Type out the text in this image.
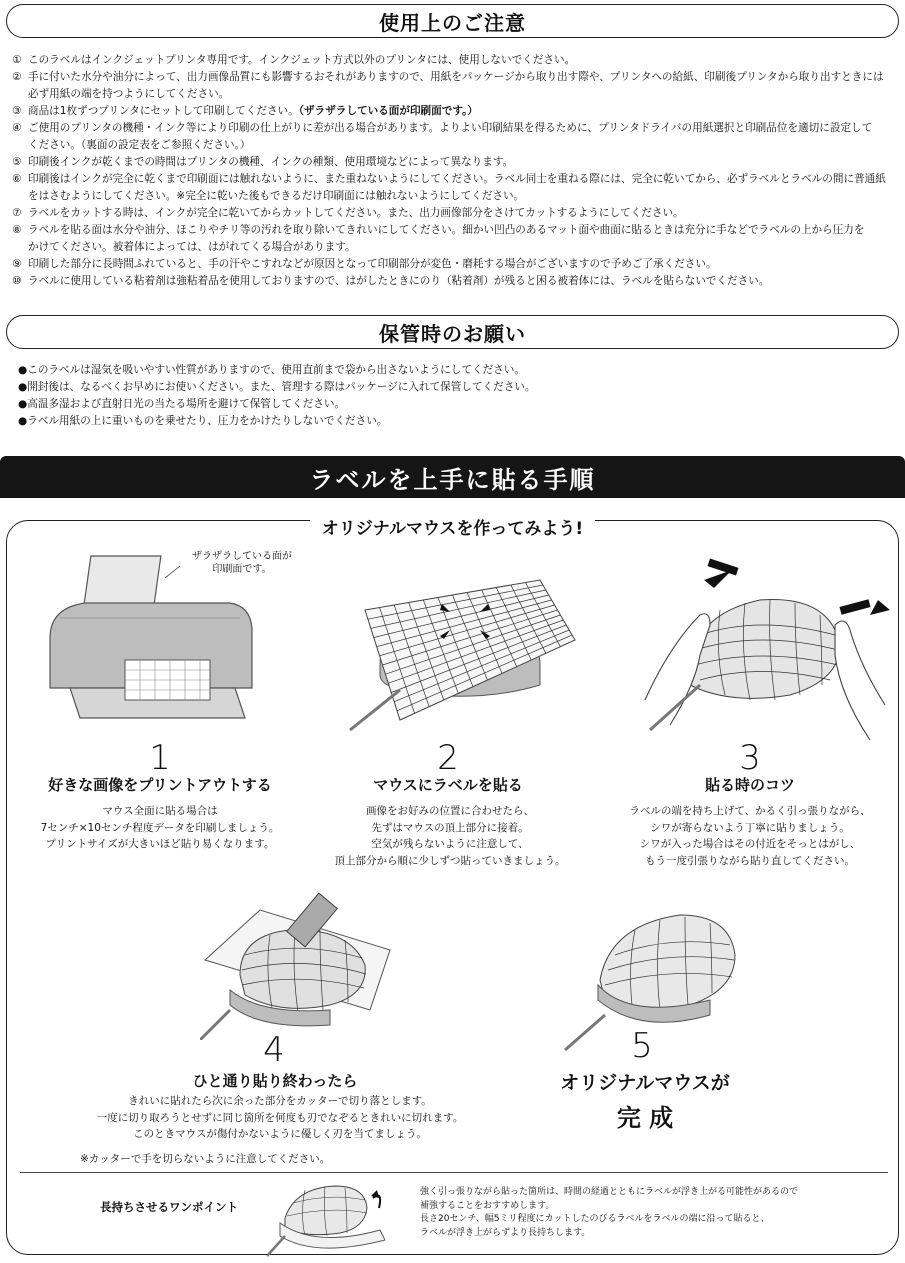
使用上のご注意
① このラベルはインクジェットプリンタ専用です。インクジェット方式以外のプリンタには、使用しないでください。
② 手に付いた水分や油分によって、出力画像品質にも影響するおそれがありますので、用紙をパッケージから取り出す際や、プリンタへの給紙、印刷後プリンタから取り出すときには
必ず用紙の端を持つようにしてください。
③ 商品は1枚ずつプリンタにセットして印刷してください。（ザラザラしている面が印刷面です。）
④ ご使用のプリンタの機種・インク等により印刷の仕上がりに差が出る場合があります。よりよい印刷結果を得るために、プリンタドライバの用紙選択と印刷品位を適切に設定して
ください。（裏面の設定表をご参照ください。）
⑤ 印刷後インクが乾くまでの時間はプリンタの機種、インクの種類、使用環境などによって異なります。
⑥ 印刷後はインクが完全に乾くまで印刷面には触れないように、また重ねないようにしてください。ラベル同士を重ねる際には、完全に乾いてから、必ずラベルとラベルの間に普通紙
をはさむようにしてください。※完全に乾いた後もできるだけ印刷面には触れないようにしてください。
⑦ ラベルをカットする時は、インクが完全に乾いてからカットしてください。また、出力画像部分をさけてカットするようにしてください。
⑧ ラベルを貼る面は水分や油分、ほこりやチリ等の汚れを取り除いてきれいにしてください。細かい凹凸のあるマット面や曲面に貼るときは充分に手などでラベルの上から圧力を
かけてください。被着体によっては、はがれてくる場合があります。
⑨ 印刷した部分に長時間ふれていると、手の汗やこすれなどが原因となって印刷部分が変色・磨耗する場合がございますので予めご了承ください。
⑩ ラベルに使用している粘着剤は強粘着品を使用しておりますので、はがしたときにのり（粘着剤）が残ると困る被着体には、ラベルを貼らないでください。
保管時のお願い
●このラベルは湿気を吸いやすい性質がありますので、使用直前まで袋から出さないようにしてください。
●開封後は、なるべくお早めにお使いください。また、管理する際はパッケージに入れて保管してください。
●高温多湿および直射日光の当たる場所を避けて保管してください。
●ラベル用紙の上に重いものを乗せたり、圧力をかけたりしないでください。
ラベルを上手に貼る手順
オリジナルマウスを作ってみよう!
ザラザラしている面が
印刷面です。
1
好きな画像をプリントアウトする
マウス全面に貼る場合は
7センチ×10センチ程度データを印刷しましょう。
プリントサイズが大きいほど貼り易くなります。
2
マウスにラベルを貼る
画像をお好みの位置に合わせたら、
先ずはマウスの頂上部分に接着。
空気が残らないように注意して、
頂上部分から順に少しずつ貼っていきましょう。
3
貼る時のコツ
ラベルの端を持ち上げて、かるく引っ張りながら、
シワが寄らないよう丁寧に貼りましょう。
シワが入った場合はその付近をそっとはがし、
もう一度引張りながら貼り直してください。
4
ひと通り貼り終わったら
きれいに貼れたら次に余った部分をカッターで切り落とします。
一度に切り取ろうとせずに同じ箇所を何度も刃でなぞるときれいに切れます。
このときマウスが傷付かないように優しく刃を当てましょう。
※カッターで手を切らないように注意してください。
5
オリジナルマウスが
完 成
長持ちさせるワンポイント
強く引っ張りながら貼った箇所は、時間の経過とともにラベルが浮き上がる可能性があるので
補強することをおすすめします。
長さ20センチ、幅5ミリ程度にカットしたのびるラベルをラベルの端に沿って貼ると、
ラベルが浮き上がらずより長持ちします。
